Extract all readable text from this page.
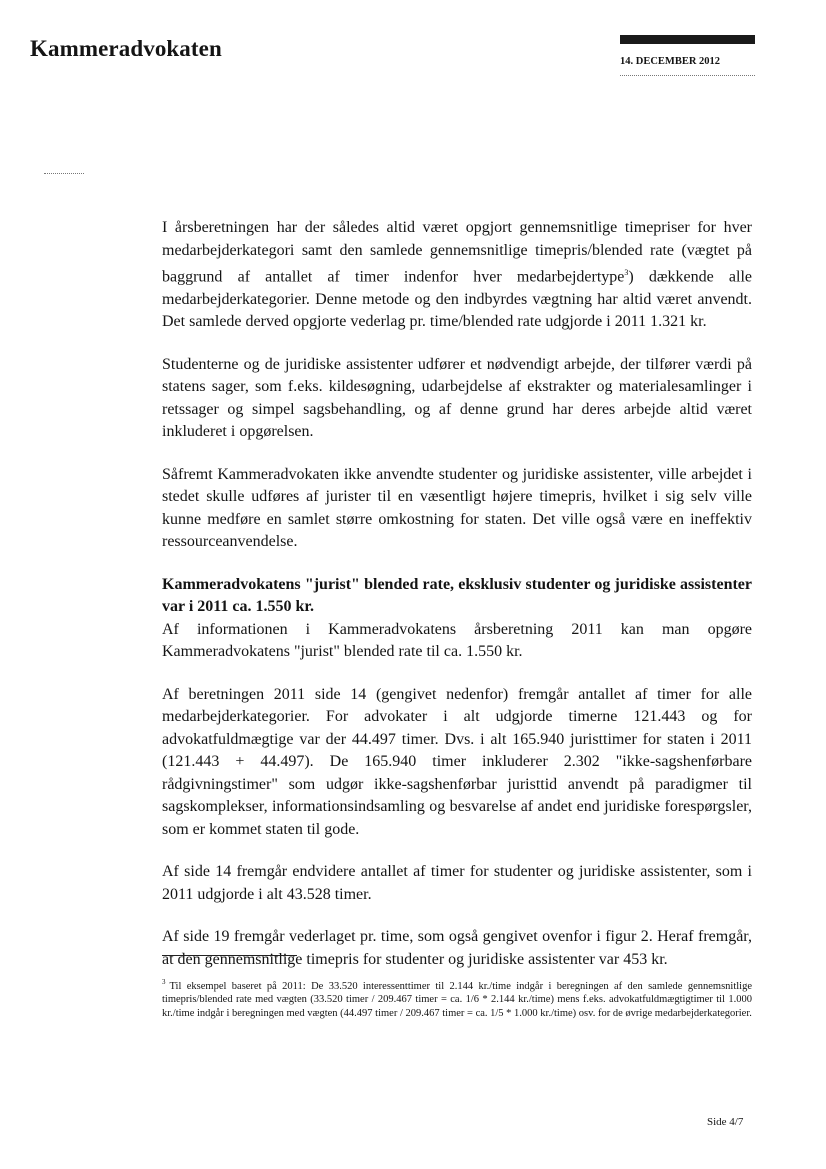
Kammeradvokaten
14. DECEMBER 2012

I årsberetningen har der således altid været opgjort gennemsnitlige timepriser for hver medarbejderkategori samt den samlede gennemsnitlige timepris/blended rate (vægtet på baggrund af antallet af timer indenfor hver medarbejdertype$^3$) dækkende alle medarbejderkategorier. Denne metode og den indbyrdes vægtning har altid været anvendt. Det samlede derved opgjorte vederlag pr. time/blended rate udgjorde i 2011 1.321 kr.

Studenterne og de juridiske assistenter udfører et nødvendigt arbejde, der tilfører værdi på statens sager, som f.eks. kildesøgning, udarbejdelse af ekstrakter og materialesamlinger i retssager og simpel sagsbehandling, og af denne grund har deres arbejde altid været inkluderet i opgørelsen.

Såfremt Kammeradvokaten ikke anvendte studenter og juridiske assistenter, ville arbejdet i stedet skulle udføres af jurister til en væsentligt højere timepris, hvilket i sig selv ville kunne medføre en samlet større omkostning for staten. Det ville også være en ineffektiv ressourceanvendelse.

Kammeradvokatens "jurist" blended rate, eksklusiv studenter og juridiske assistenter var i 2011 ca. 1.550 kr.

Af informationen i Kammeradvokatens årsberetning 2011 kan man opgøre Kammeradvokatens "jurist" blended rate til ca. 1.550 kr.

Af beretningen 2011 side 14 (gengivet nedenfor) fremgår antallet af timer for alle medarbejderkategorier. For advokater i alt udgjorde timerne 121.443 og for advokatfuldmægtige var der 44.497 timer. Dvs. i alt 165.940 juristtimer for staten i 2011 (121.443 + 44.497). De 165.940 timer inkluderer 2.302 "ikke-sagshenførbare rådgivningstimer" som udgør ikke-sagshenførbar juristtid anvendt på paradigmer til sagskomplekser, informationsindsamling og besvarelse af andet end juridiske forespørgsler, som er kommet staten til gode.

Af side 14 fremgår endvidere antallet af timer for studenter og juridiske assistenter, som i 2011 udgjorde i alt 43.528 timer.

Af side 19 fremgår vederlaget pr. time, som også gengivet ovenfor i figur 2. Heraf fremgår, at den gennemsnitlige timepris for studenter og juridiske assistenter var 453 kr.

$^3$ Til eksempel baseret på 2011: De 33.520 interessenttimer til 2.144 kr./time indgår i beregningen af den samlede gennemsnitlige timepris/blended rate med vægten (33.520 timer / 209.467 timer = ca. 1/6 * 2.144 kr./time) mens f.eks. advokatfuldmægtigtimer til 1.000 kr./time indgår i beregningen med vægten (44.497 timer / 209.467 timer = ca. 1/5 * 1.000 kr./time) osv. for de øvrige medarbejderkategorier.
Side 4/7
